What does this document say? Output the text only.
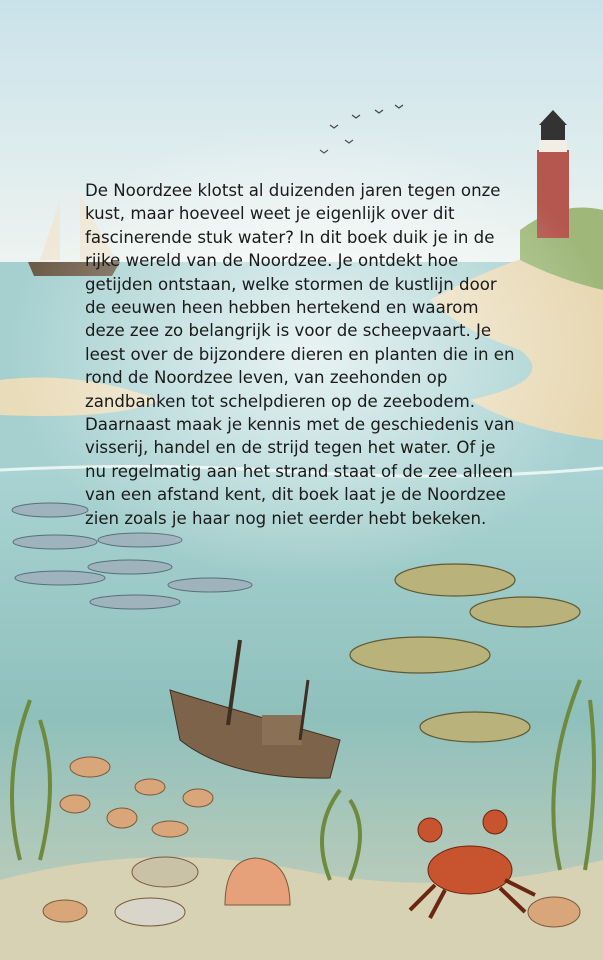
De Noordzee klotst al duizenden jaren tegen onze
kust, maar hoeveel weet je eigenlijk over dit
fascinerende stuk water? In dit boek duik je in de
rijke wereld van de Noordzee. Je ontdekt hoe
getijden ontstaan, welke stormen de kustlijn door
de eeuwen heen hebben hertekend en waarom
deze zee zo belangrijk is voor de scheepvaart. Je
leest over de bijzondere dieren en planten die in en
rond de Noordzee leven, van zeehonden op
zandbanken tot schelpdieren op de zeebodem.
Daarnaast maak je kennis met de geschiedenis van
visserij, handel en de strijd tegen het water. Of je
nu regelmatig aan het strand staat of de zee alleen
van een afstand kent, dit boek laat je de Noordzee
zien zoals je haar nog niet eerder hebt bekeken.
